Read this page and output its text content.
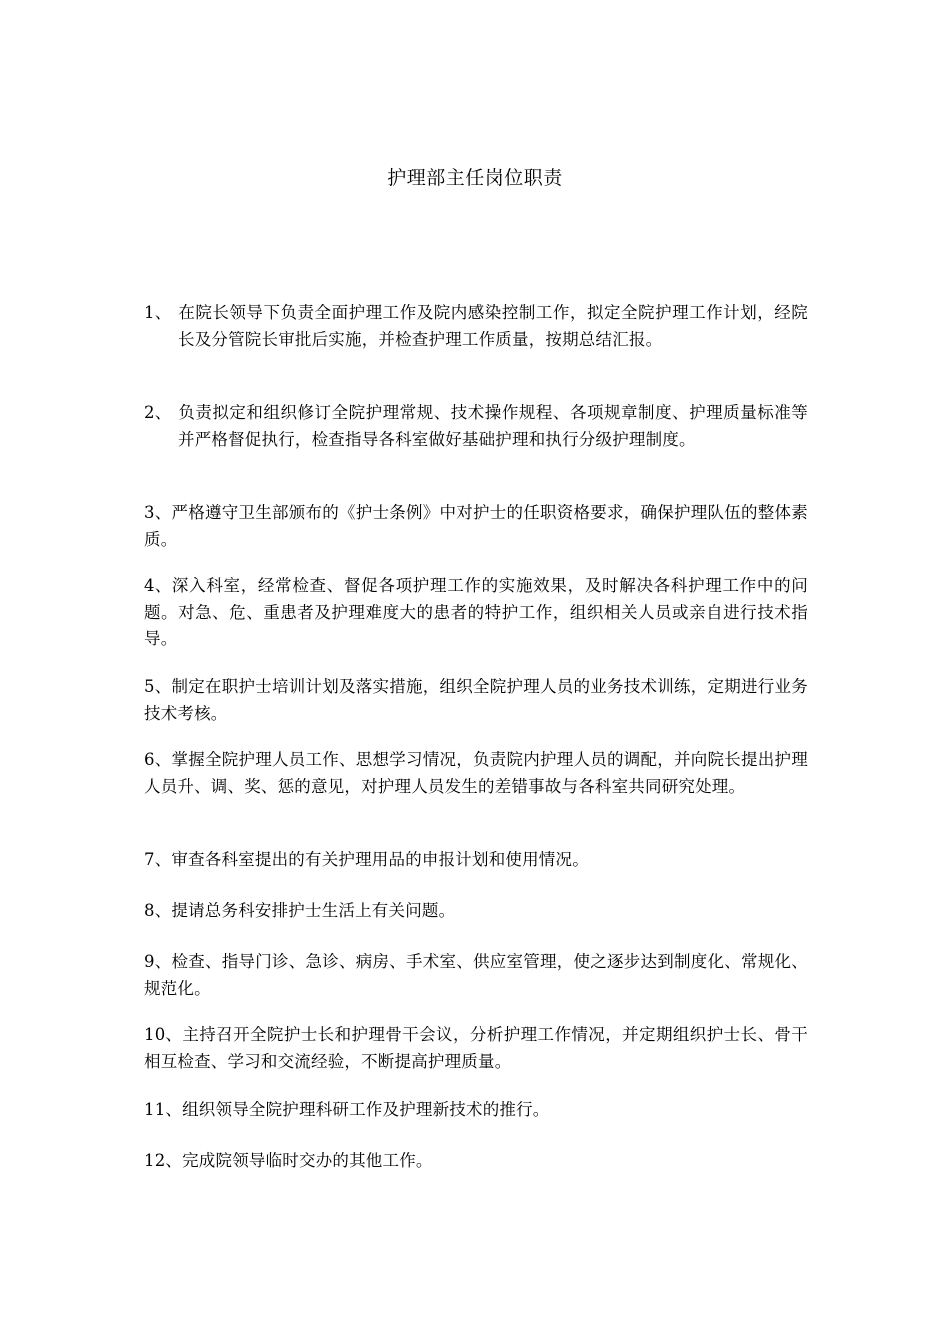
护理部主任岗位职责
1、 在院长领导下负责全面护理工作及院内感染控制工作，拟定全院护理工作计划，经院长及分管院长审批后实施，并检查护理工作质量，按期总结汇报。
2、 负责拟定和组织修订全院护理常规、技术操作规程、各项规章制度、护理质量标准等并严格督促执行，检查指导各科室做好基础护理和执行分级护理制度。
3、严格遵守卫生部颁布的《护士条例》中对护士的任职资格要求，确保护理队伍的整体素质。
4、深入科室，经常检查、督促各项护理工作的实施效果，及时解决各科护理工作中的问题。对急、危、重患者及护理难度大的患者的特护工作，组织相关人员或亲自进行技术指导。
5、制定在职护士培训计划及落实措施，组织全院护理人员的业务技术训练，定期进行业务技术考核。
6、掌握全院护理人员工作、思想学习情况，负责院内护理人员的调配，并向院长提出护理人员升、调、奖、惩的意见，对护理人员发生的差错事故与各科室共同研究处理。
7、审查各科室提出的有关护理用品的申报计划和使用情况。
8、提请总务科安排护士生活上有关问题。
9、检查、指导门诊、急诊、病房、手术室、供应室管理，使之逐步达到制度化、常规化、规范化。
10、主持召开全院护士长和护理骨干会议，分析护理工作情况，并定期组织护士长、骨干相互检查、学习和交流经验，不断提高护理质量。
11、组织领导全院护理科研工作及护理新技术的推行。
12、完成院领导临时交办的其他工作。
